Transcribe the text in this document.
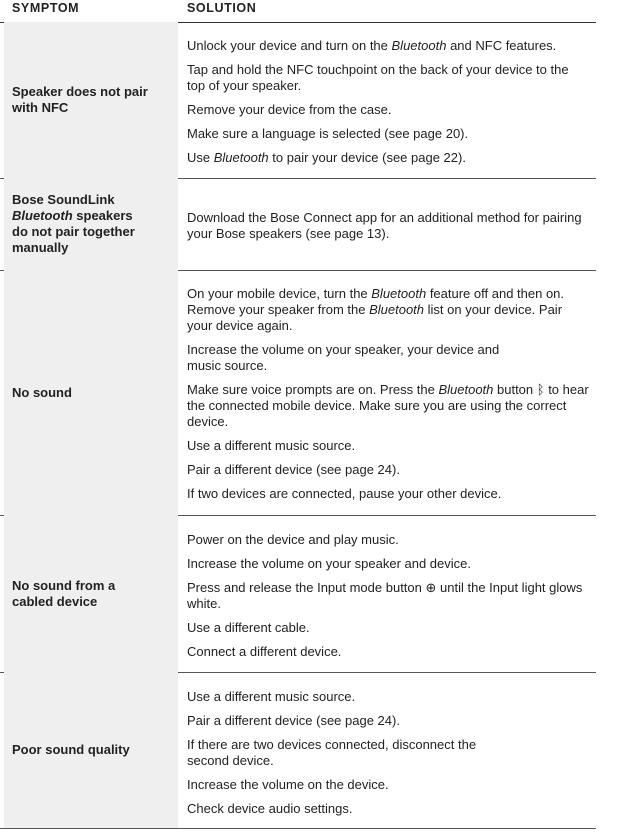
SYMPTOM	SOLUTION
Speaker does not pair with NFC

Unlock your device and turn on the Bluetooth and NFC features.

Tap and hold the NFC touchpoint on the back of your device to the top of your speaker.

Remove your device from the case.

Make sure a language is selected (see page 20).

Use Bluetooth to pair your device (see page 22).

Bose SoundLink
Bluetooth speakers do not pair together manually

Download the Bose Connect app for an additional method for pairing your Bose speakers (see page 13).

No sound

On your mobile device, turn the Bluetooth feature off and then on. Remove your speaker from the Bluetooth list on your device. Pair your device again.

Increase the volume on your speaker, your device and music source.

Make sure voice prompts are on. Press the Bluetooth button ᛒ to hear the connected mobile device. Make sure you are using the correct device.

Use a different music source.

Pair a different device (see page 24).

If two devices are connected, pause your other device.

No sound from a cabled device

Power on the device and play music.

Increase the volume on your speaker and device.

Press and release the Input mode button ⊕ until the Input light glows white.

Use a different cable.

Connect a different device.

Poor sound quality

Use a different music source.

Pair a different device (see page 24).

If there are two devices connected, disconnect the second device.

Increase the volume on the device.

Check device audio settings.
